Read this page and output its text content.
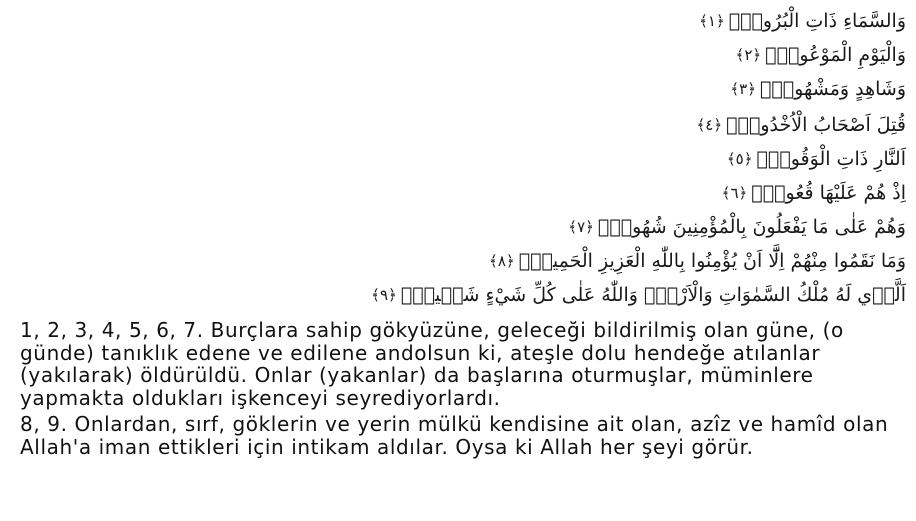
وَالسَّمَاءِ ذَاتِ الْبُرُوجِۙ
﴿١﴾
وَالْيَوْمِ الْمَوْعُودِۙ
﴿٢﴾
وَشَاهِدٍ وَمَشْهُودٍۜ
﴿٣﴾
قُتِلَ اَصْحَابُ الْاُخْدُودِۙ
﴿٤﴾
اَلنَّارِ ذَاتِ الْوَقُودِۙ
﴿٥﴾
اِذْ هُمْ عَلَيْهَا قُعُودٌۙ
﴿٦﴾
وَهُمْ عَلٰى مَا يَفْعَلُونَ بِالْمُؤْمِنِينَ شُهُودٌۜ
﴿٧﴾
وَمَا نَقَمُوا مِنْهُمْ اِلَّٓا اَنْ يُؤْمِنُوا بِاللّٰهِ الْعَزِيزِ الْحَمِيدِۙ
﴿٨﴾
اَلَّذ۪ي لَهُ مُلْكُ السَّمٰوَاتِ وَالْاَرْضِۜ وَاللّٰهُ عَلٰى كُلِّ شَيْءٍ شَه۪يدٌۜ
﴿٩﴾

1, 2, 3, 4, 5, 6, 7. Burçlara sahip gökyüzüne, geleceği bildirilmiş olan güne, (o günde) tanıklık edene ve edilene andolsun ki, ateşle dolu hendeğe atılanlar (yakılarak) öldürüldü. Onlar (yakanlar) da başlarına oturmuşlar, müminlere yapmakta oldukları işkenceyi seyrediyorlardı.

8, 9. Onlardan, sırf, göklerin ve yerin mülkü kendisine ait olan, azîz ve hamîd olan Allah'a iman ettikleri için intikam aldılar. Oysa ki Allah her şeyi görür.
